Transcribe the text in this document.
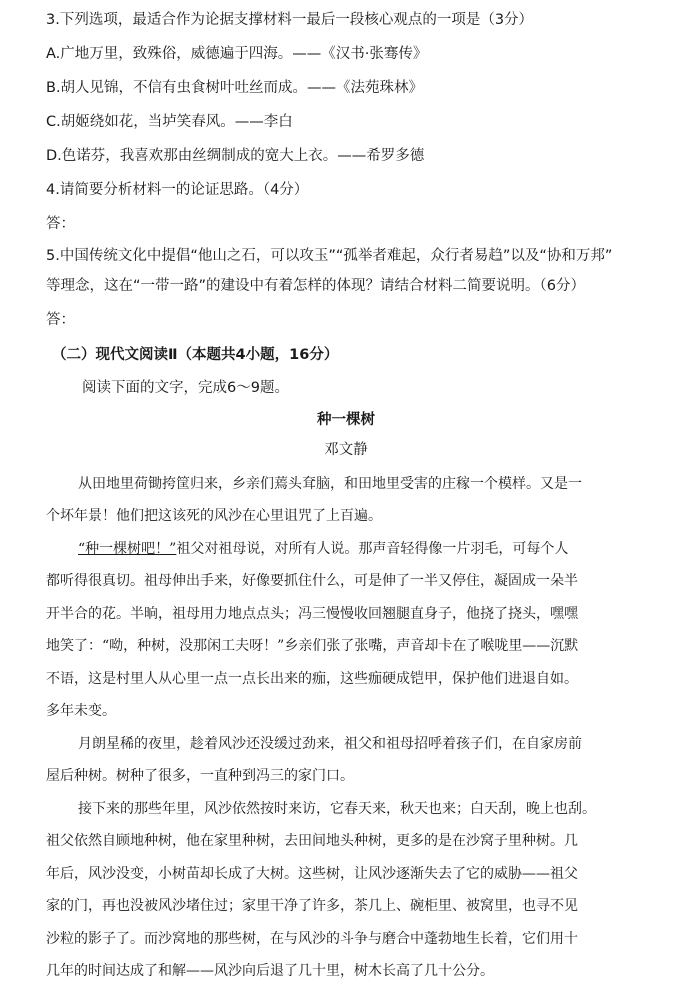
3.下列选项，最适合作为论据支撑材料一最后一段核心观点的一项是（3分）
A.广地万里，致殊俗，威德遍于四海。——《汉书·张骞传》
B.胡人见锦，不信有虫食树叶吐丝而成。——《法苑珠林》
C.胡姬绕如花，当垆笑春风。——李白
D.色诺芬，我喜欢那由丝绸制成的宽大上衣。——希罗多德
4.请简要分析材料一的论证思路。（4分）
答：
5.中国传统文化中提倡“他山之石，可以攻玉”“孤举者难起，众行者易趋”以及“协和万邦”
等理念，这在“一带一路”的建设中有着怎样的体现？请结合材料二简要说明。（6分）
答：
（二）现代文阅读Ⅱ（本题共4小题，16分）
阅读下面的文字，完成6～9题。
种一棵树
邓文静
从田地里荷锄挎筐归来，乡亲们蔫头耷脑，和田地里受害的庄稼一个模样。又是一
个坏年景！他们把这该死的风沙在心里诅咒了上百遍。
“种一棵树吧！”祖父对祖母说，对所有人说。那声音轻得像一片羽毛，可每个人
都听得很真切。祖母伸出手来，好像要抓住什么，可是伸了一半又停住，凝固成一朵半
开半合的花。半晌，祖母用力地点点头；冯三慢慢收回翘腿直身子，他挠了挠头，嘿嘿
地笑了：“呦，种树，没那闲工夫呀！”乡亲们张了张嘴，声音却卡在了喉咙里——沉默
不语，这是村里人从心里一点一点长出来的痂，这些痂硬成铠甲，保护他们进退自如。
多年未变。
月朗星稀的夜里，趁着风沙还没缓过劲来，祖父和祖母招呼着孩子们，在自家房前
屋后种树。树种了很多，一直种到冯三的家门口。
接下来的那些年里，风沙依然按时来访，它春天来，秋天也来；白天刮，晚上也刮。
祖父依然自顾地种树，他在家里种树，去田间地头种树，更多的是在沙窝子里种树。几
年后，风沙没变，小树苗却长成了大树。这些树，让风沙逐渐失去了它的威胁——祖父
家的门，再也没被风沙堵住过；家里干净了许多，茶几上、碗柜里、被窝里，也寻不见
沙粒的影子了。而沙窝地的那些树，在与风沙的斗争与磨合中蓬勃地生长着，它们用十
几年的时间达成了和解——风沙向后退了几十里，树木长高了几十公分。
